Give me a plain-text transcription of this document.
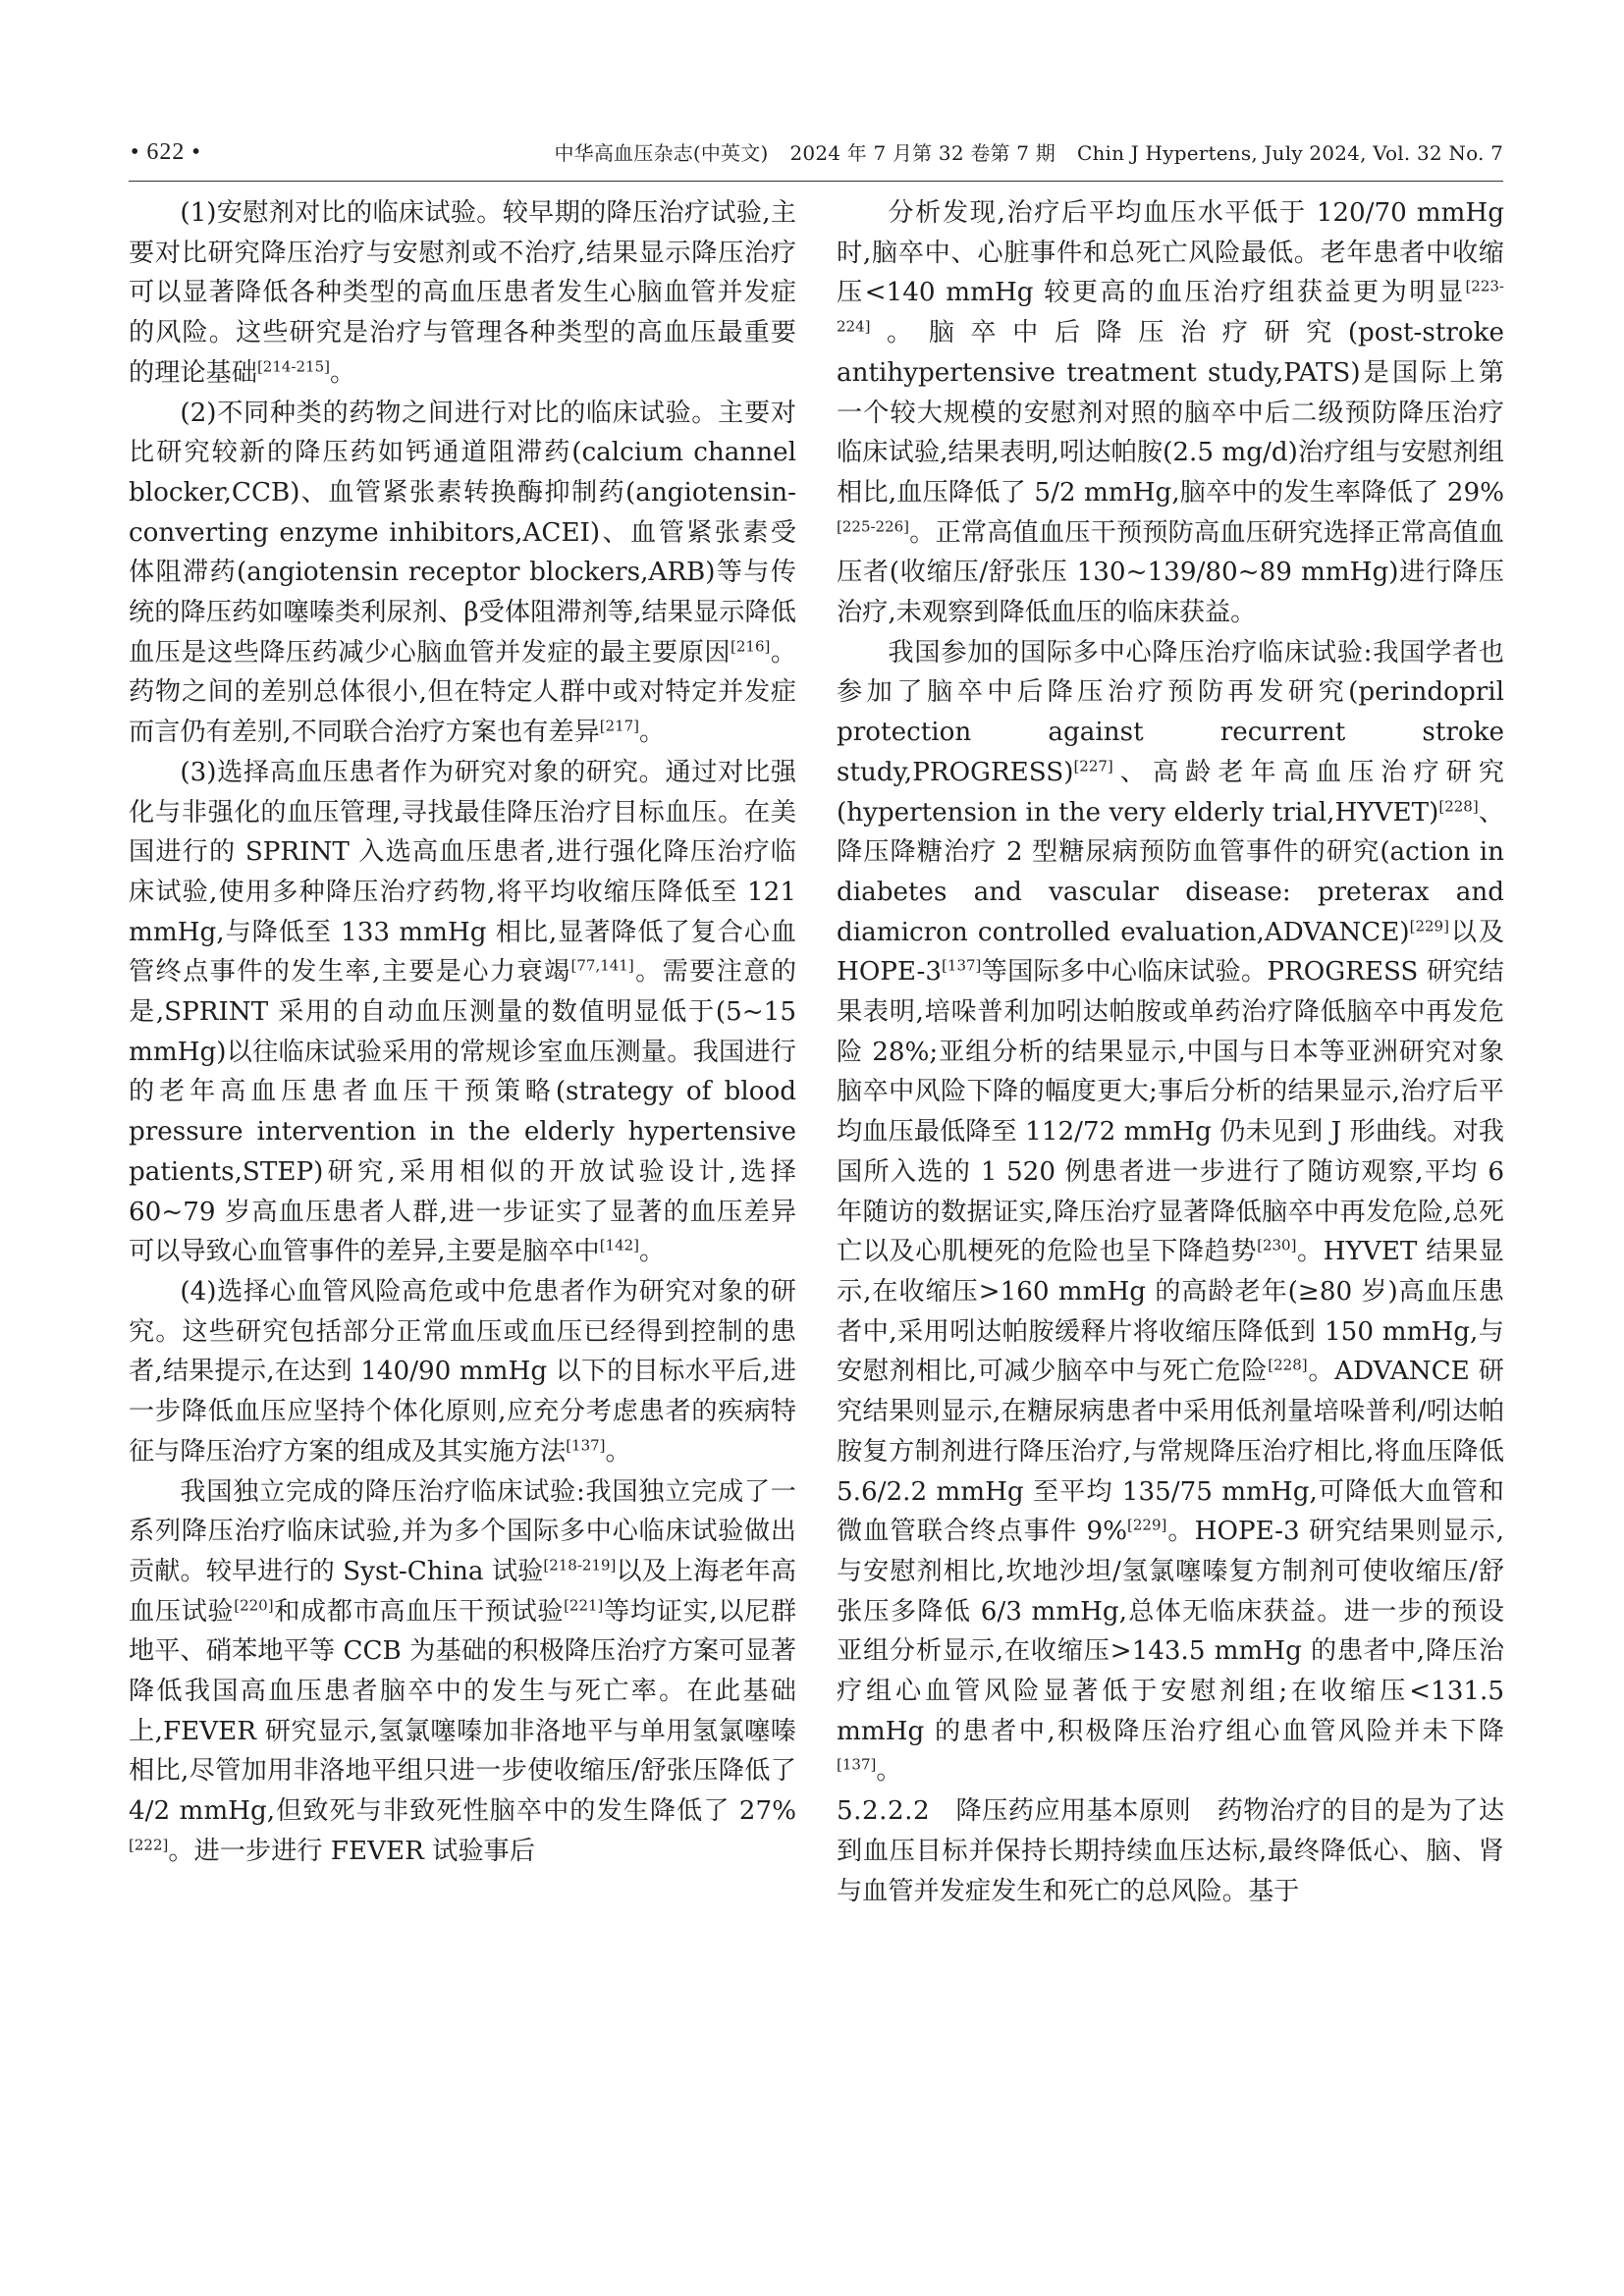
• 622 •	中华高血压杂志(中英文) 2024 年 7 月第 32 卷第 7 期 Chin J Hypertens, July 2024, Vol. 32 No. 7

(1)安慰剂对比的临床试验。较早期的降压治疗试验,主要对比研究降压治疗与安慰剂或不治疗,结果显示降压治疗可以显著降低各种类型的高血压患者发生心脑血管并发症的风险。这些研究是治疗与管理各种类型的高血压最重要的理论基础[214-215]。

(2)不同种类的药物之间进行对比的临床试验。主要对比研究较新的降压药如钙通道阻滞药(calcium channel blocker,CCB)、血管紧张素转换酶抑制药(angiotensin-converting enzyme inhibitors,ACEI)、血管紧张素受体阻滞药(angiotensin receptor blockers,ARB)等与传统的降压药如噻嗪类利尿剂、β受体阻滞剂等,结果显示降低血压是这些降压药减少心脑血管并发症的最主要原因[216]。药物之间的差别总体很小,但在特定人群中或对特定并发症而言仍有差别,不同联合治疗方案也有差异[217]。

(3)选择高血压患者作为研究对象的研究。通过对比强化与非强化的血压管理,寻找最佳降压治疗目标血压。在美国进行的 SPRINT 入选高血压患者,进行强化降压治疗临床试验,使用多种降压治疗药物,将平均收缩压降低至 121 mmHg,与降低至 133 mmHg 相比,显著降低了复合心血管终点事件的发生率,主要是心力衰竭[77,141]。需要注意的是,SPRINT 采用的自动血压测量的数值明显低于(5~15 mmHg)以往临床试验采用的常规诊室血压测量。我国进行的老年高血压患者血压干预策略(strategy of blood pressure intervention in the elderly hypertensive patients,STEP)研究,采用相似的开放试验设计,选择 60~79 岁高血压患者人群,进一步证实了显著的血压差异可以导致心血管事件的差异,主要是脑卒中[142]。

(4)选择心血管风险高危或中危患者作为研究对象的研究。这些研究包括部分正常血压或血压已经得到控制的患者,结果提示,在达到 140/90 mmHg 以下的目标水平后,进一步降低血压应坚持个体化原则,应充分考虑患者的疾病特征与降压治疗方案的组成及其实施方法[137]。

我国独立完成的降压治疗临床试验:我国独立完成了一系列降压治疗临床试验,并为多个国际多中心临床试验做出贡献。较早进行的 Syst-China 试验[218-219]以及上海老年高血压试验[220]和成都市高血压干预试验[221]等均证实,以尼群地平、硝苯地平等 CCB 为基础的积极降压治疗方案可显著降低我国高血压患者脑卒中的发生与死亡率。在此基础上,FEVER 研究显示,氢氯噻嗪加非洛地平与单用氢氯噻嗪相比,尽管加用非洛地平组只进一步使收缩压/舒张压降低了 4/2 mmHg,但致死与非致死性脑卒中的发生降低了 27%[222]。进一步进行 FEVER 试验事后

分析发现,治疗后平均血压水平低于 120/70 mmHg 时,脑卒中、心脏事件和总死亡风险最低。老年患者中收缩压<140 mmHg 较更高的血压治疗组获益更为明显[223-224]。脑卒中后降压治疗研究(post-stroke antihypertensive treatment study,PATS)是国际上第一个较大规模的安慰剂对照的脑卒中后二级预防降压治疗临床试验,结果表明,吲达帕胺(2.5 mg/d)治疗组与安慰剂组相比,血压降低了 5/2 mmHg,脑卒中的发生率降低了 29%[225-226]。正常高值血压干预预防高血压研究选择正常高值血压者(收缩压/舒张压 130~139/80~89 mmHg)进行降压治疗,未观察到降低血压的临床获益。

我国参加的国际多中心降压治疗临床试验:我国学者也参加了脑卒中后降压治疗预防再发研究(perindopril protection against recurrent stroke study,PROGRESS)[227]、高龄老年高血压治疗研究(hypertension in the very elderly trial,HYVET)[228]、降压降糖治疗 2 型糖尿病预防血管事件的研究(action in diabetes and vascular disease: preterax and diamicron controlled evaluation,ADVANCE)[229]以及 HOPE-3[137]等国际多中心临床试验。PROGRESS 研究结果表明,培哚普利加吲达帕胺或单药治疗降低脑卒中再发危险 28%;亚组分析的结果显示,中国与日本等亚洲研究对象脑卒中风险下降的幅度更大;事后分析的结果显示,治疗后平均血压最低降至 112/72 mmHg 仍未见到 J 形曲线。对我国所入选的 1 520 例患者进一步进行了随访观察,平均 6 年随访的数据证实,降压治疗显著降低脑卒中再发危险,总死亡以及心肌梗死的危险也呈下降趋势[230]。HYVET 结果显示,在收缩压>160 mmHg 的高龄老年(≥80 岁)高血压患者中,采用吲达帕胺缓释片将收缩压降低到 150 mmHg,与安慰剂相比,可减少脑卒中与死亡危险[228]。ADVANCE 研究结果则显示,在糖尿病患者中采用低剂量培哚普利/吲达帕胺复方制剂进行降压治疗,与常规降压治疗相比,将血压降低 5.6/2.2 mmHg 至平均 135/75 mmHg,可降低大血管和微血管联合终点事件 9%[229]。HOPE-3 研究结果则显示,与安慰剂相比,坎地沙坦/氢氯噻嗪复方制剂可使收缩压/舒张压多降低 6/3 mmHg,总体无临床获益。进一步的预设亚组分析显示,在收缩压>143.5 mmHg 的患者中,降压治疗组心血管风险显著低于安慰剂组;在收缩压<131.5 mmHg 的患者中,积极降压治疗组心血管风险并未下降[137]。

5.2.2.2 降压药应用基本原则 药物治疗的目的是为了达到血压目标并保持长期持续血压达标,最终降低心、脑、肾与血管并发症发生和死亡的总风险。基于
